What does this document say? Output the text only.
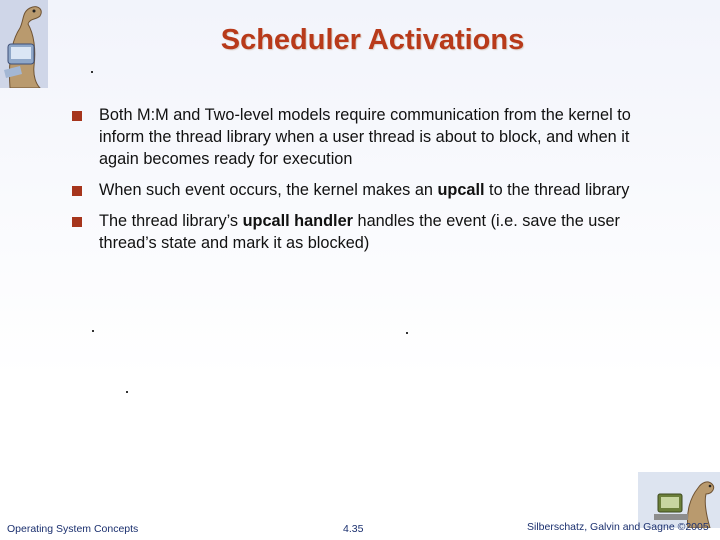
Scheduler Activations
Both M:M and Two-level models require communication from the kernel to inform the thread library when a user thread is about to block, and when it again becomes ready for execution
When such event occurs, the kernel makes an upcall to the thread library
The thread library’s upcall handler handles the event (i.e. save the user thread’s state and mark it as blocked)
Operating System Concepts	4.35	Silberschatz, Galvin and Gagne ©2005
